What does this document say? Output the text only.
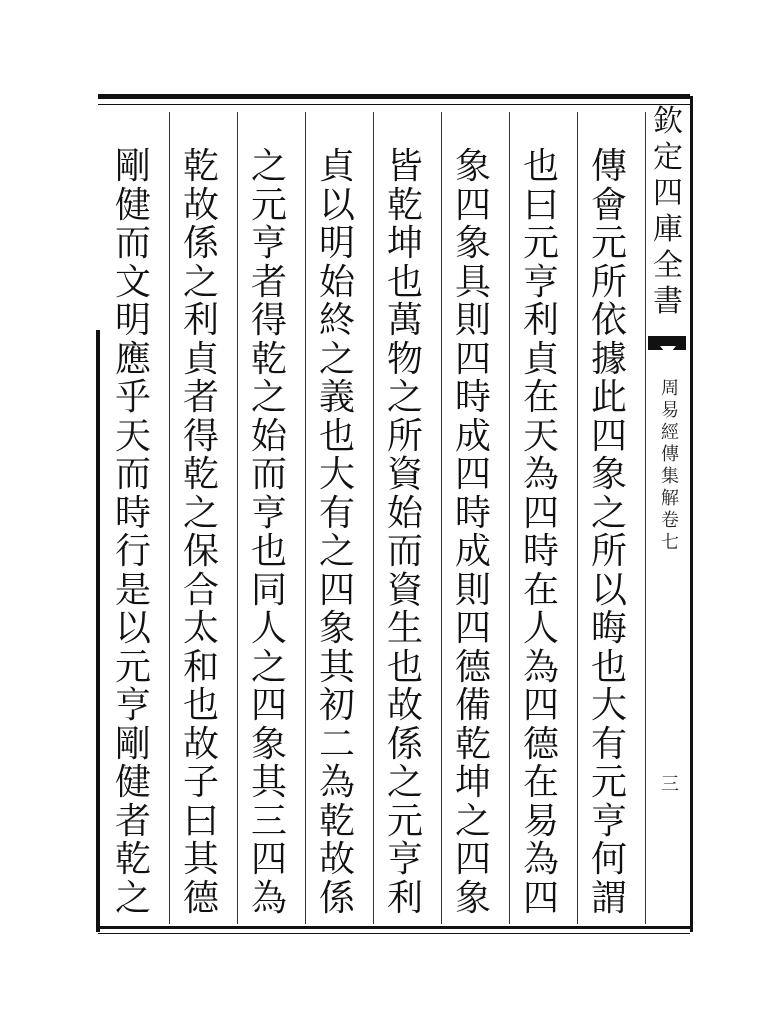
欽
定
四
庫
全
書
周
易
經
傳
集
解
卷
七
三
傳
會
元
所
依
據
此
四
象
之
所
以
晦
也
大
有
元
亨
何
謂
也
曰
元
亨
利
貞
在
天
為
四
時
在
人
為
四
德
在
易
為
四
象
四
象
具
則
四
時
成
四
時
成
則
四
德
備
乾
坤
之
四
象
皆
乾
坤
也
萬
物
之
所
資
始
而
資
生
也
故
係
之
元
亨
利
貞
以
明
始
終
之
義
也
大
有
之
四
象
其
初
二
為
乾
故
係
之
元
亨
者
得
乾
之
始
而
亨
也
同
人
之
四
象
其
三
四
為
乾
故
係
之
利
貞
者
得
乾
之
保
合
太
和
也
故
子
曰
其
德
剛
健
而
文
明
應
乎
天
而
時
行
是
以
元
亨
剛
健
者
乾
之
